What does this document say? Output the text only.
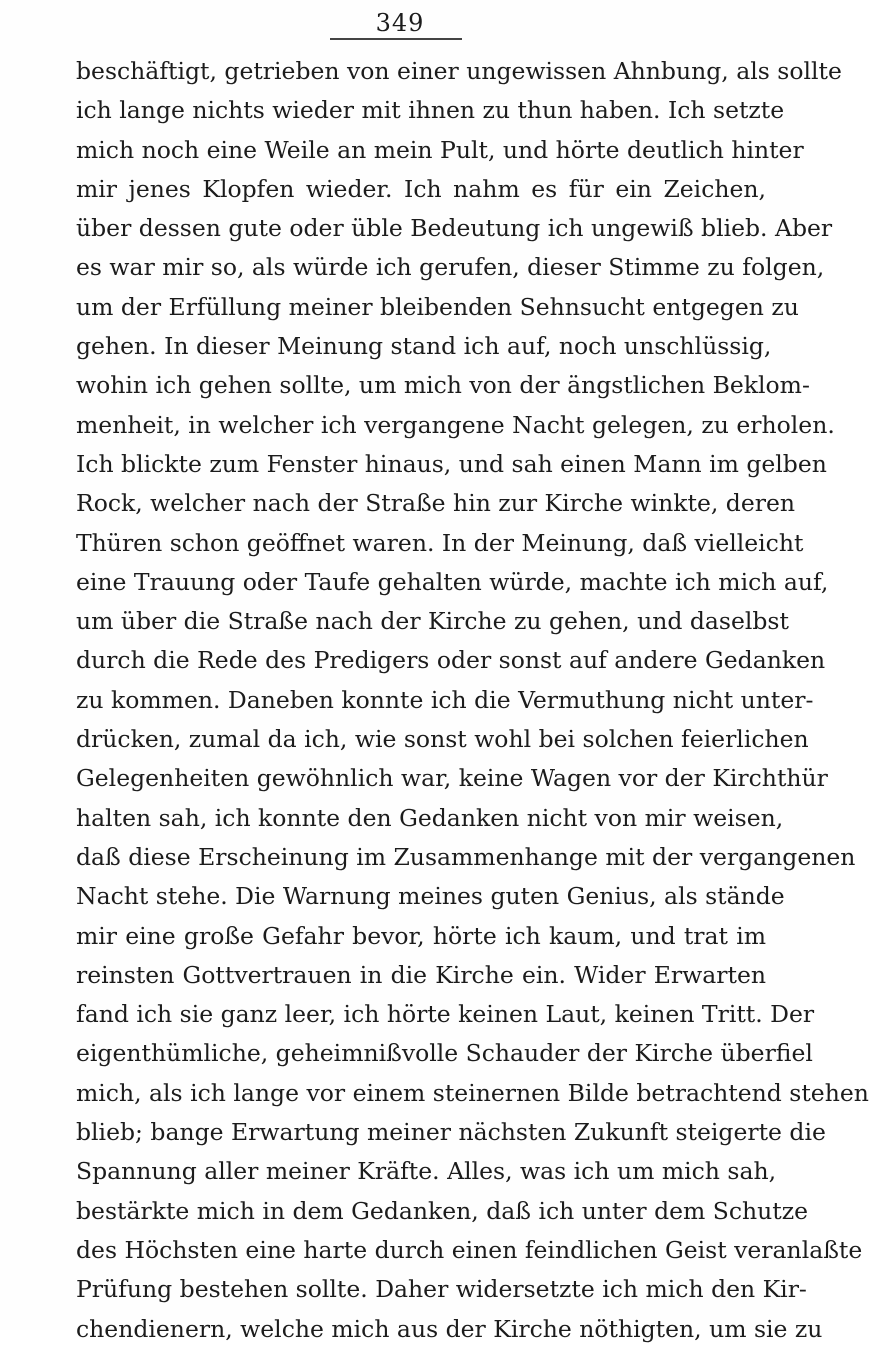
349
beschäftigt, getrieben von einer ungewissen Ahnbung, als sollte
ich lange nichts wieder mit ihnen zu thun haben. Ich setzte
mich noch eine Weile an mein Pult, und hörte deutlich hinter
mir jenes Klopfen wieder. Ich nahm es für ein Zeichen,
über dessen gute oder üble Bedeutung ich ungewiß blieb. Aber
es war mir so, als würde ich gerufen, dieser Stimme zu folgen,
um der Erfüllung meiner bleibenden Sehnsucht entgegen zu
gehen. In dieser Meinung stand ich auf, noch unschlüssig,
wohin ich gehen sollte, um mich von der ängstlichen Beklom-
menheit, in welcher ich vergangene Nacht gelegen, zu erholen.
Ich blickte zum Fenster hinaus, und sah einen Mann im gelben
Rock, welcher nach der Straße hin zur Kirche winkte, deren
Thüren schon geöffnet waren. In der Meinung, daß vielleicht
eine Trauung oder Taufe gehalten würde, machte ich mich auf,
um über die Straße nach der Kirche zu gehen, und daselbst
durch die Rede des Predigers oder sonst auf andere Gedanken
zu kommen. Daneben konnte ich die Vermuthung nicht unter-
drücken, zumal da ich, wie sonst wohl bei solchen feierlichen
Gelegenheiten gewöhnlich war, keine Wagen vor der Kirchthür
halten sah, ich konnte den Gedanken nicht von mir weisen,
daß diese Erscheinung im Zusammenhange mit der vergangenen
Nacht stehe. Die Warnung meines guten Genius, als stände
mir eine große Gefahr bevor, hörte ich kaum, und trat im
reinsten Gottvertrauen in die Kirche ein. Wider Erwarten
fand ich sie ganz leer, ich hörte keinen Laut, keinen Tritt. Der
eigenthümliche, geheimnißvolle Schauder der Kirche überfiel
mich, als ich lange vor einem steinernen Bilde betrachtend stehen
blieb; bange Erwartung meiner nächsten Zukunft steigerte die
Spannung aller meiner Kräfte. Alles, was ich um mich sah,
bestärkte mich in dem Gedanken, daß ich unter dem Schutze
des Höchsten eine harte durch einen feindlichen Geist veranlaßte
Prüfung bestehen sollte. Daher widersetzte ich mich den Kir-
chendienern, welche mich aus der Kirche nöthigten, um sie zu
